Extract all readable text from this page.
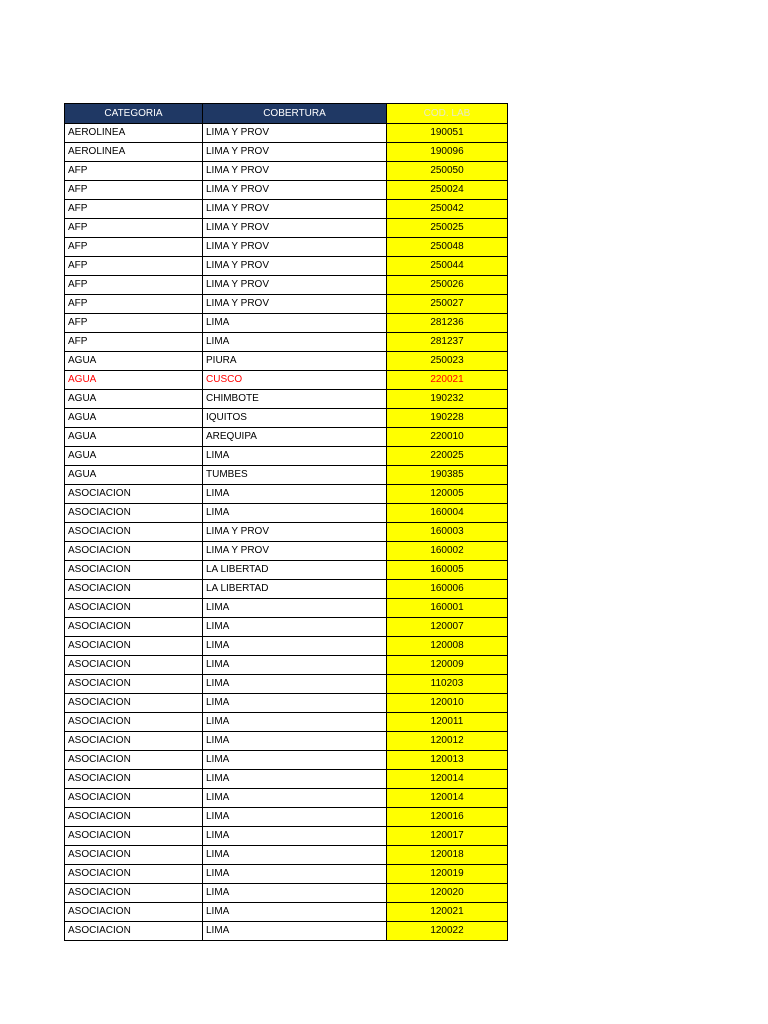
CATEGORIA	COBERTURA	COD. LAB
AEROLINEA	LIMA Y PROV	190051
AEROLINEA	LIMA Y PROV	190096
AFP	LIMA Y PROV	250050
AFP	LIMA Y PROV	250024
AFP	LIMA Y PROV	250042
AFP	LIMA Y PROV	250025
AFP	LIMA Y PROV	250048
AFP	LIMA Y PROV	250044
AFP	LIMA Y PROV	250026
AFP	LIMA Y PROV	250027
AFP	LIMA	281236
AFP	LIMA	281237
AGUA	PIURA	250023
AGUA	CUSCO	220021
AGUA	CHIMBOTE	190232
AGUA	IQUITOS	190228
AGUA	AREQUIPA	220010
AGUA	LIMA	220025
AGUA	TUMBES	190385
ASOCIACION	LIMA	120005
ASOCIACION	LIMA	160004
ASOCIACION	LIMA Y PROV	160003
ASOCIACION	LIMA Y PROV	160002
ASOCIACION	LA LIBERTAD	160005
ASOCIACION	LA LIBERTAD	160006
ASOCIACION	LIMA	160001
ASOCIACION	LIMA	120007
ASOCIACION	LIMA	120008
ASOCIACION	LIMA	120009
ASOCIACION	LIMA	110203
ASOCIACION	LIMA	120010
ASOCIACION	LIMA	120011
ASOCIACION	LIMA	120012
ASOCIACION	LIMA	120013
ASOCIACION	LIMA	120014
ASOCIACION	LIMA	120014
ASOCIACION	LIMA	120016
ASOCIACION	LIMA	120017
ASOCIACION	LIMA	120018
ASOCIACION	LIMA	120019
ASOCIACION	LIMA	120020
ASOCIACION	LIMA	120021
ASOCIACION	LIMA	120022
